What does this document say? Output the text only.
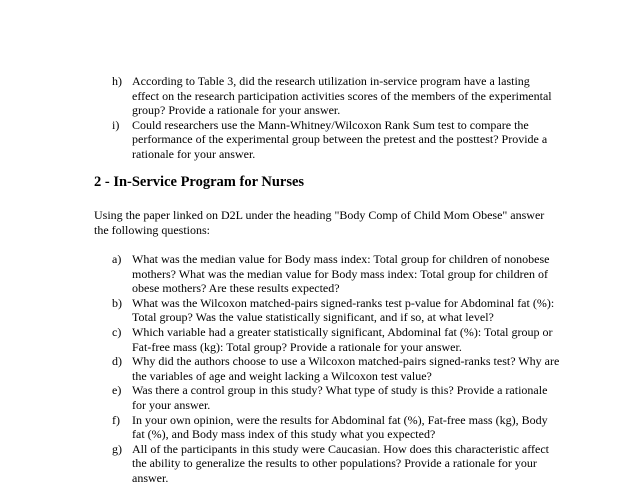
h) According to Table 3, did the research utilization in-service program have a lasting effect on the research participation activities scores of the members of the experimental group? Provide a rationale for your answer.
i) Could researchers use the Mann-Whitney/Wilcoxon Rank Sum test to compare the performance of the experimental group between the pretest and the posttest? Provide a rationale for your answer.
2 - In-Service Program for Nurses

Using the paper linked on D2L under the heading "Body Comp of Child Mom Obese" answer the following questions:

a) What was the median value for Body mass index: Total group for children of nonobese mothers? What was the median value for Body mass index: Total group for children of obese mothers? Are these results expected?
b) What was the Wilcoxon matched-pairs signed-ranks test p-value for Abdominal fat (%): Total group? Was the value statistically significant, and if so, at what level?
c) Which variable had a greater statistically significant, Abdominal fat (%): Total group or Fat-free mass (kg): Total group? Provide a rationale for your answer.
d) Why did the authors choose to use a Wilcoxon matched-pairs signed-ranks test? Why are the variables of age and weight lacking a Wilcoxon test value?
e) Was there a control group in this study? What type of study is this? Provide a rationale for your answer.
f) In your own opinion, were the results for Abdominal fat (%), Fat-free mass (kg), Body fat (%), and Body mass index of this study what you expected?
g) All of the participants in this study were Caucasian. How does this characteristic affect the ability to generalize the results to other populations? Provide a rationale for your answer.
